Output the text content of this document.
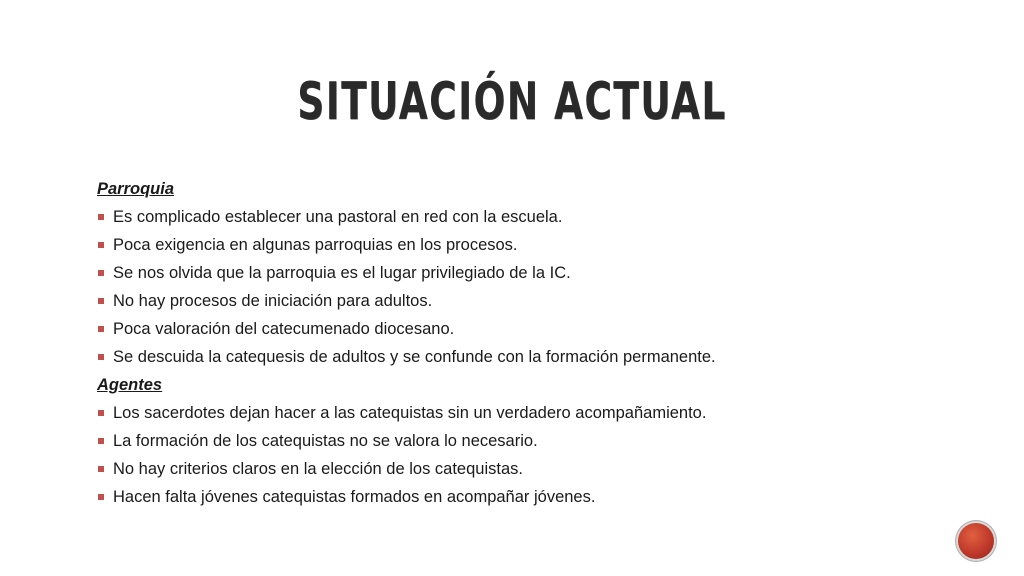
SITUACIÓN ACTUAL
Parroquia
Es complicado establecer una pastoral en red con la escuela.
Poca exigencia en algunas parroquias en los procesos.
Se nos olvida que la parroquia es el lugar privilegiado de la IC.
No hay procesos de iniciación para adultos.
Poca valoración del catecumenado diocesano.
Se descuida la catequesis de adultos y se confunde con la formación permanente.
Agentes
Los sacerdotes dejan hacer a las catequistas sin un verdadero acompañamiento.
La formación de los catequistas no se valora lo necesario.
No hay criterios claros en la elección de los catequistas.
Hacen falta jóvenes catequistas formados en acompañar jóvenes.
